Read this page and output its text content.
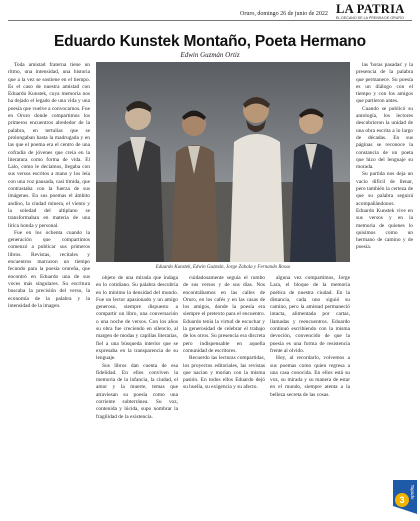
Oruro, domingo 26 de junio de 2022 LA PATRIA
EL DECANO DE LA PRENSA DE ORURO
Eduardo Kunstek Montaño, Poeta Hermano
Edwin Guzmán Ortiz

Toda amistad fraterna tiene un ritmo, una intensidad, una historia que a la vez se sostiene en el tiempo. Es el caso de nuestra amistad con Eduardo Kunstek, cuya memoria nos ha dejado el legado de una vida y una poesía que vuelve a convocarnos. Fue en Oruro donde compartimos los primeros encuentros alrededor de la palabra, en tertulias que se prolongaban hasta la madrugada y en las que el poema era el centro de una cofradía de jóvenes que creía en la literatura como forma de vida. El Lalo, como le decíamos, llegaba con sus versos escritos a mano y los leía con una voz pausada, casi tímida, que contrastaba con la fuerza de sus imágenes. En sus poemas el ámbito andino, la ciudad minera, el viento y la soledad del altiplano se transformaban en materia de una lírica honda y personal.

Fue en los ochenta cuando la generación que compartimos comenzó a publicar sus primeros libros. Revistas, recitales y encuentros marcaron un tiempo fecundo para la poesía orureña, que encontró en Eduardo una de sus voces más singulares. Su escritura buscaba la precisión del verso, la economía de la palabra y la intensidad de la imagen.

Eduardo Kunstek, Edwin Guzmán, Jorge Zabala y Fernando Rosso

objeto de una mirada que indaga en lo cotidiano. Su palabra descubría en lo mínimo la densidad del mundo. Fue un lector apasionado y un amigo generoso, siempre dispuesto a compartir un libro, una conversación o una noche de versos. Con los años su obra fue creciendo en silencio, al margen de modas y capillas literarias, fiel a una búsqueda interior que se expresaba en la transparencia de su lenguaje.

Sus libros dan cuenta de esa fidelidad. En ellos conviven la memoria de la infancia, la ciudad, el amor y la muerte, temas que atraviesan su poesía como una corriente subterránea. Su voz, contenida y lúcida, supo nombrar la fragilidad de la existencia.

cuidadosamente seguía el rumbo de sus versos y de sus días. Nos encontrábamos en las calles de Oruro, en los cafés y en las casas de los amigos, donde la poesía era siempre el pretexto para el encuentro. Eduardo tenía la virtud de escuchar y la generosidad de celebrar el trabajo de los otros. Su presencia era discreta pero indispensable en aquella comunidad de escritores.

Recuerdo las lecturas compartidas, los proyectos editoriales, las revistas que nacían y morían con la misma pasión. En todos ellos Eduardo dejó su huella, su exigencia y su afecto.

alguna vez compartimos, Jorge Lara, el bloque de la memoria poética de nuestra ciudad. En la distancia, cada uno siguió su camino, pero la amistad permaneció intacta, alimentada por cartas, llamadas y reencuentros. Eduardo continuó escribiendo con la misma devoción, convencido de que la poesía es una forma de resistencia frente al olvido.

Hoy, al recordarlo, volvemos a sus poemas como quien regresa a una casa conocida. En ellos está su voz, su mirada y su manera de estar en el mundo, siempre atenta a la belleza secreta de las cosas.

las 'horas pasadas' y la presencia de la palabra que permanece. Su poesía es un diálogo con el tiempo y con los amigos que partieron antes.

Cuando se publicó su antología, los lectores descubrieron la unidad de una obra escrita a lo largo de décadas. En sus páginas se reconoce la constancia de un poeta que hizo del lenguaje su morada.

Su partida nos deja un vacío difícil de llenar, pero también la certeza de que su palabra seguirá acompañándonos. Eduardo Kunstek vive en sus versos y en la memoria de quienes lo quisimos como un hermano de camino y de poesía.

3
Tapado
